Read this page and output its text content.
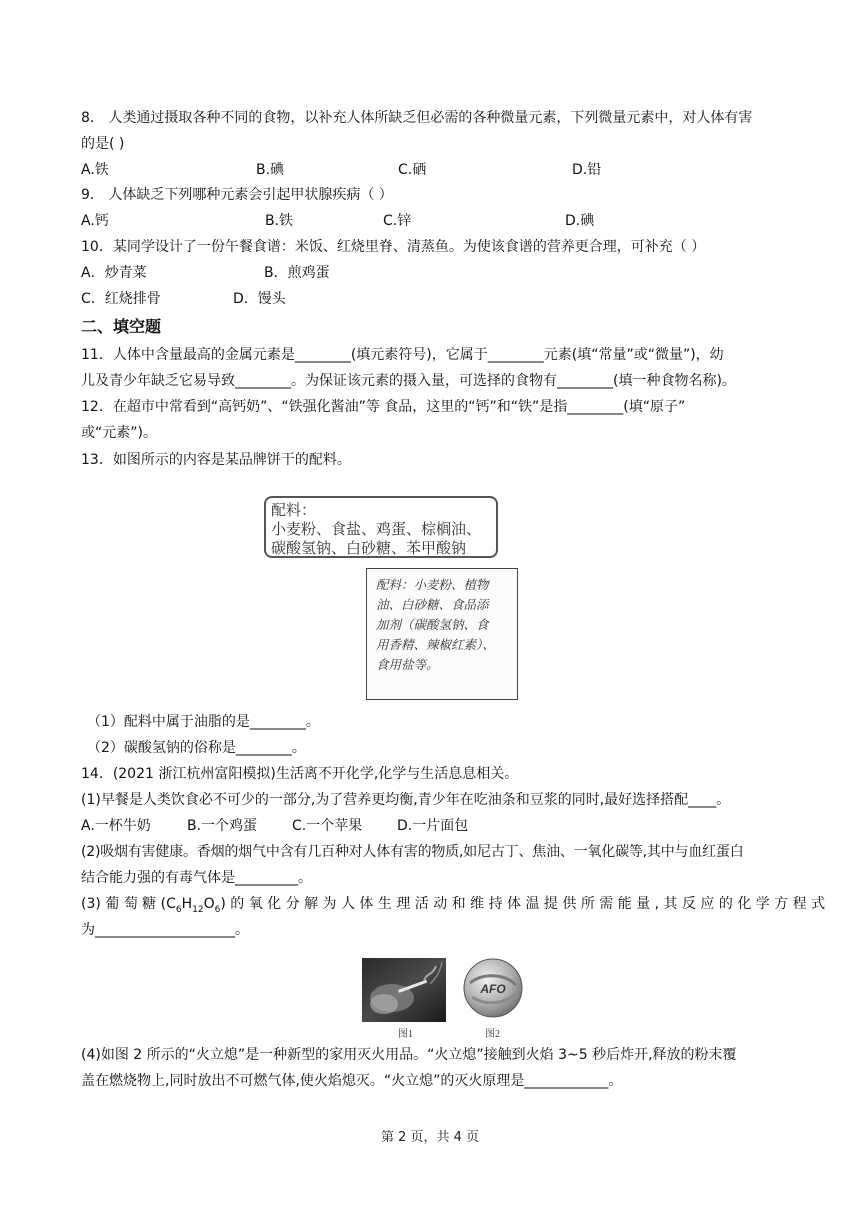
8． 人类通过摄取各种不同的食物，以补充人体所缺乏但必需的各种微量元素，下列微量元素中，对人体有害
的是( )
A.铁	B.碘	C.硒	D.铅
9． 人体缺乏下列哪种元素会引起甲状腺疾病（ ）
A.钙	B.铁	C.锌	D.碘
10．某同学设计了一份午餐食谱：米饭、红烧里脊、清蒸鱼。为使该食谱的营养更合理，可补充（ ）
A．炒青菜	B．煎鸡蛋
C．红烧排骨	D．馒头
二、填空题
11．人体中含量最高的金属元素是________(填元素符号)，它属于________元素(填“常量”或“微量”)，幼
儿及青少年缺乏它易导致________。为保证该元素的摄入量，可选择的食物有________(填一种食物名称)。
12．在超市中常看到“高钙奶”、“铁强化酱油”等 食品，这里的“钙”和“铁”是指________(填“原子”
或“元素”)。
13．如图所示的内容是某品牌饼干的配料。
配料：
小麦粉、食盐、鸡蛋、棕榈油、
碳酸氢钠、白砂糖、苯甲酸钠
配料：小麦粉、植物
油、白砂糖、食品添
加剂（碳酸氢钠、食
用香精、辣椒红素）、
食用盐等。
（1）配料中属于油脂的是________。
（2）碳酸氢钠的俗称是________。
14．(2021 浙江杭州富阳模拟)生活离不开化学,化学与生活息息相关。
(1)早餐是人类饮食必不可少的一部分,为了营养更均衡,青少年在吃油条和豆浆的同时,最好选择搭配____。
A.一杯牛奶	B.一个鸡蛋 C.一个苹果 D.一片面包
(2)吸烟有害健康。香烟的烟气中含有几百种对人体有害的物质,如尼古丁、焦油、一氧化碳等,其中与血红蛋白
结合能力强的有毒气体是_________。
(3) 葡 萄 糖 $(C_6H_{12}O_6)$ 的 氧 化 分 解 为 人 体 生 理 活 动 和 维 持 体 温 提 供 所 需 能 量 , 其 反 应 的 化 学 方 程 式
为____________________。
图1
AFO
图2
(4)如图 2 所示的“火立熄”是一种新型的家用灭火用品。“火立熄”接触到火焰 3~5 秒后炸开,释放的粉末覆
盖在燃烧物上,同时放出不可燃气体,使火焰熄灭。“火立熄”的灭火原理是____________。
第 2 页，共 4 页
